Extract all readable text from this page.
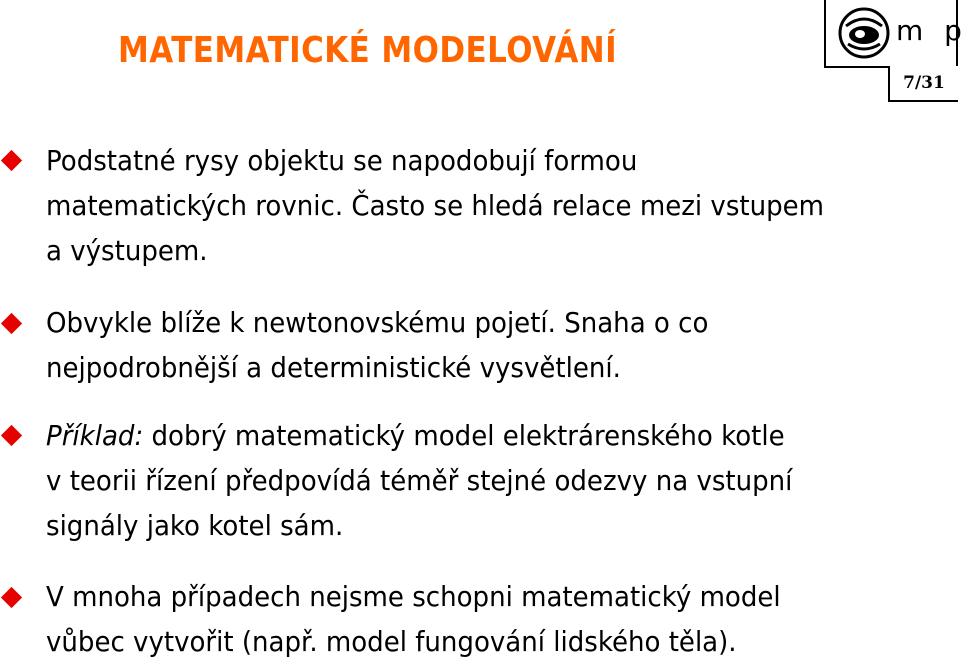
MATEMATICKÉ MODELOVÁNÍ	m p
7/31
Podstatné rysy objektu se napodobují formou
matematických rovnic. Často se hledá relace mezi vstupem
a výstupem.
Obvykle blíže k newtonovskému pojetí. Snaha o co
nejpodrobnější a deterministické vysvětlení.
Příklad: dobrý matematický model elektrárenského kotle
v teorii řízení předpovídá téměř stejné odezvy na vstupní
signály jako kotel sám.
V mnoha případech nejsme schopni matematický model
vůbec vytvořit (např. model fungování lidského těla).
